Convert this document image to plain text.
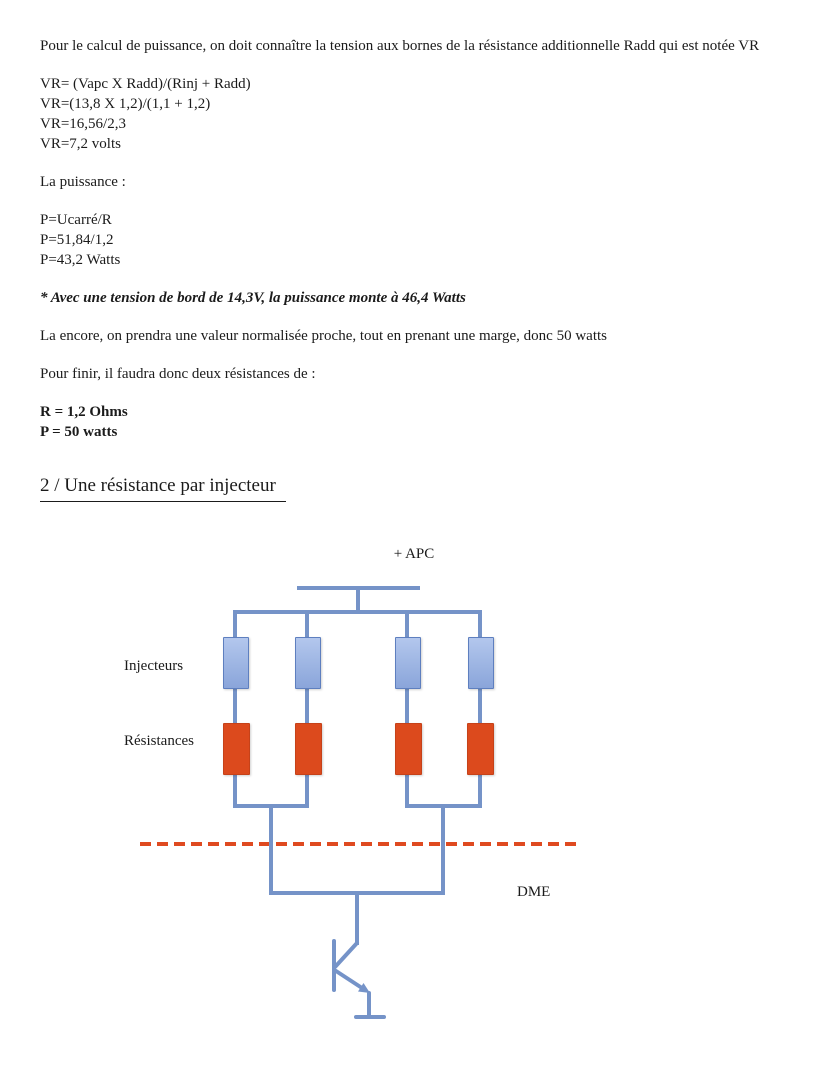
Pour le calcul de puissance, on doit connaître la tension aux bornes de la résistance additionnelle Radd qui est notée VR

VR= (Vapc X Radd)/(Rinj + Radd)
VR=(13,8 X 1,2)/(1,1 + 1,2)
VR=16,56/2,3
VR=7,2 volts

La puissance :

P=Ucarré/R
P=51,84/1,2
P=43,2 Watts

* Avec une tension de bord de 14,3V, la puissance monte à 46,4 Watts

La encore, on prendra une valeur normalisée proche, tout en prenant une marge, donc 50 watts

Pour finir, il faudra donc deux résistances de :

R = 1,2 Ohms
P = 50 watts
2 / Une résistance par injecteur
+ APC
Injecteurs
Résistances
DME
